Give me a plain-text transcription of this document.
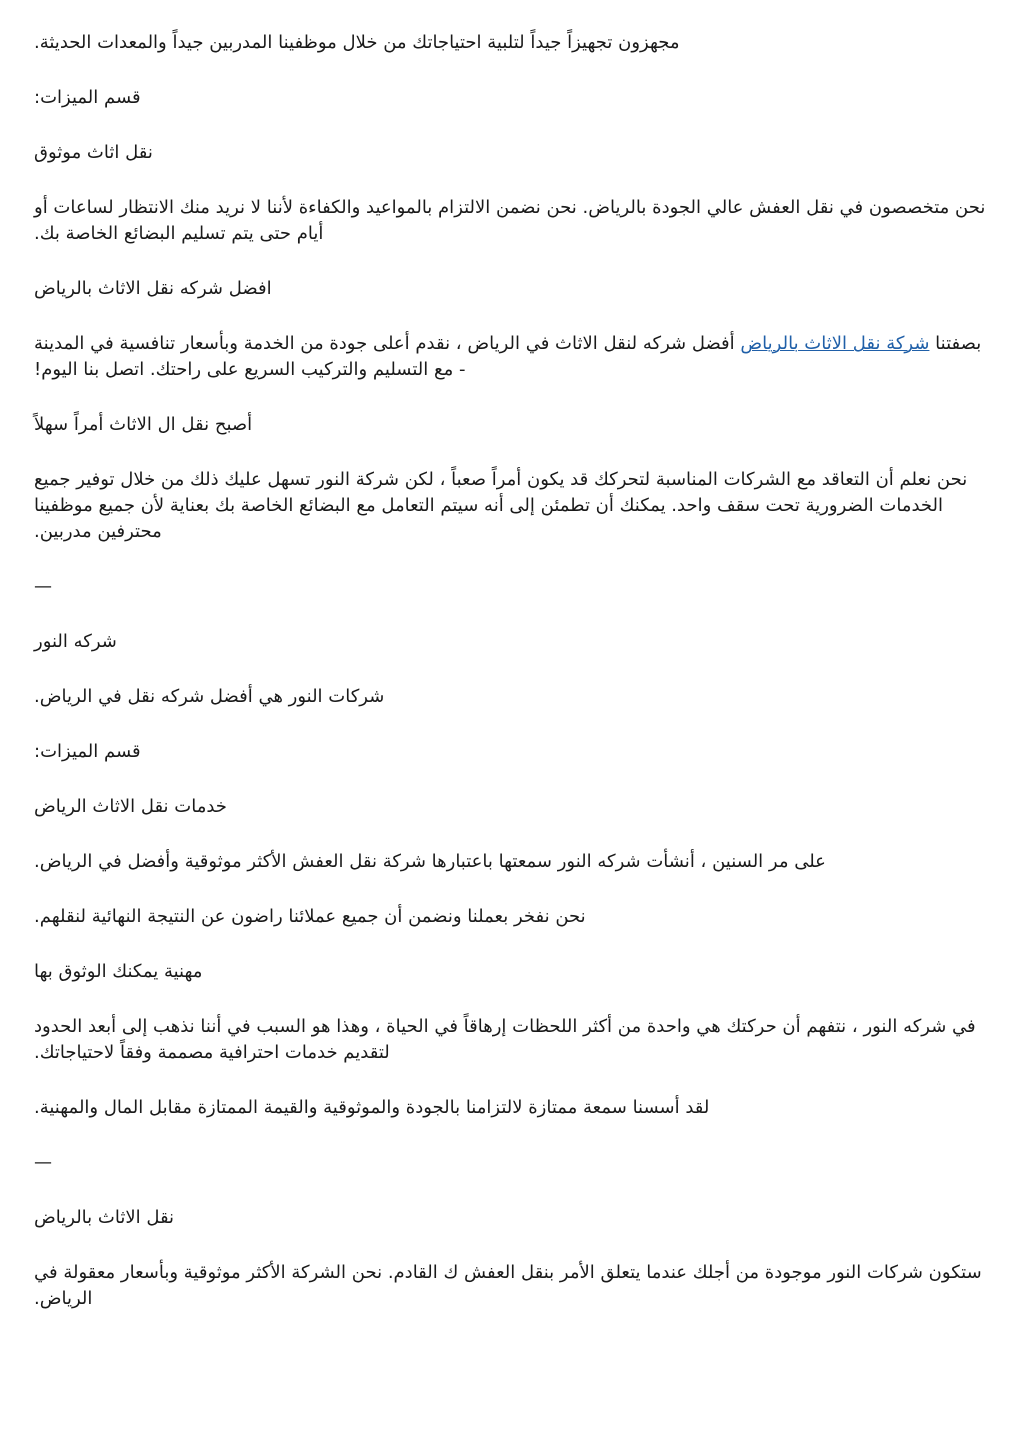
مجهزون تجهيزاً جيداً لتلبية احتياجاتك من خلال موظفينا المدربين جيداً والمعدات الحديثة.

قسم الميزات:

نقل اثاث موثوق

نحن متخصصون في نقل العفش عالي الجودة بالرياض. نحن نضمن الالتزام بالمواعيد والكفاءة لأننا لا نريد منك الانتظار لساعات أو أيام حتى يتم تسليم البضائع الخاصة بك.

افضل شركه نقل الاثاث بالرياض

بصفتنا شركة نقل الاثاث بالرياض أفضل شركه لنقل الاثاث في الرياض ، نقدم أعلى جودة من الخدمة وبأسعار تنافسية في المدينة - مع التسليم والتركيب السريع على راحتك. اتصل بنا اليوم!

أصبح نقل ال الاثاث أمراً سهلاً

نحن نعلم أن التعاقد مع الشركات المناسبة لتحركك قد يكون أمراً صعباً ، لكن شركة النور تسهل عليك ذلك من خلال توفير جميع الخدمات الضرورية تحت سقف واحد. يمكنك أن تطمئن إلى أنه سيتم التعامل مع البضائع الخاصة بك بعناية لأن جميع موظفينا محترفين مدربين.

—

شركه النور

شركات النور هي أفضل شركه نقل في الرياض.

قسم الميزات:

خدمات نقل الاثاث الرياض

على مر السنين ، أنشأت شركه النور سمعتها باعتبارها شركة نقل العفش الأكثر موثوقية وأفضل في الرياض.

نحن نفخر بعملنا ونضمن أن جميع عملائنا راضون عن النتيجة النهائية لنقلهم.

مهنية يمكنك الوثوق بها

في شركه النور ، نتفهم أن حركتك هي واحدة من أكثر اللحظات إرهاقاً في الحياة ، وهذا هو السبب في أننا نذهب إلى أبعد الحدود لتقديم خدمات احترافية مصممة وفقاً لاحتياجاتك.

لقد أسسنا سمعة ممتازة لالتزامنا بالجودة والموثوقية والقيمة الممتازة مقابل المال والمهنية.

—

نقل الاثاث بالرياض

ستكون شركات النور موجودة من أجلك عندما يتعلق الأمر بنقل العفش ك القادم. نحن الشركة الأكثر موثوقية وبأسعار معقولة في الرياض.
